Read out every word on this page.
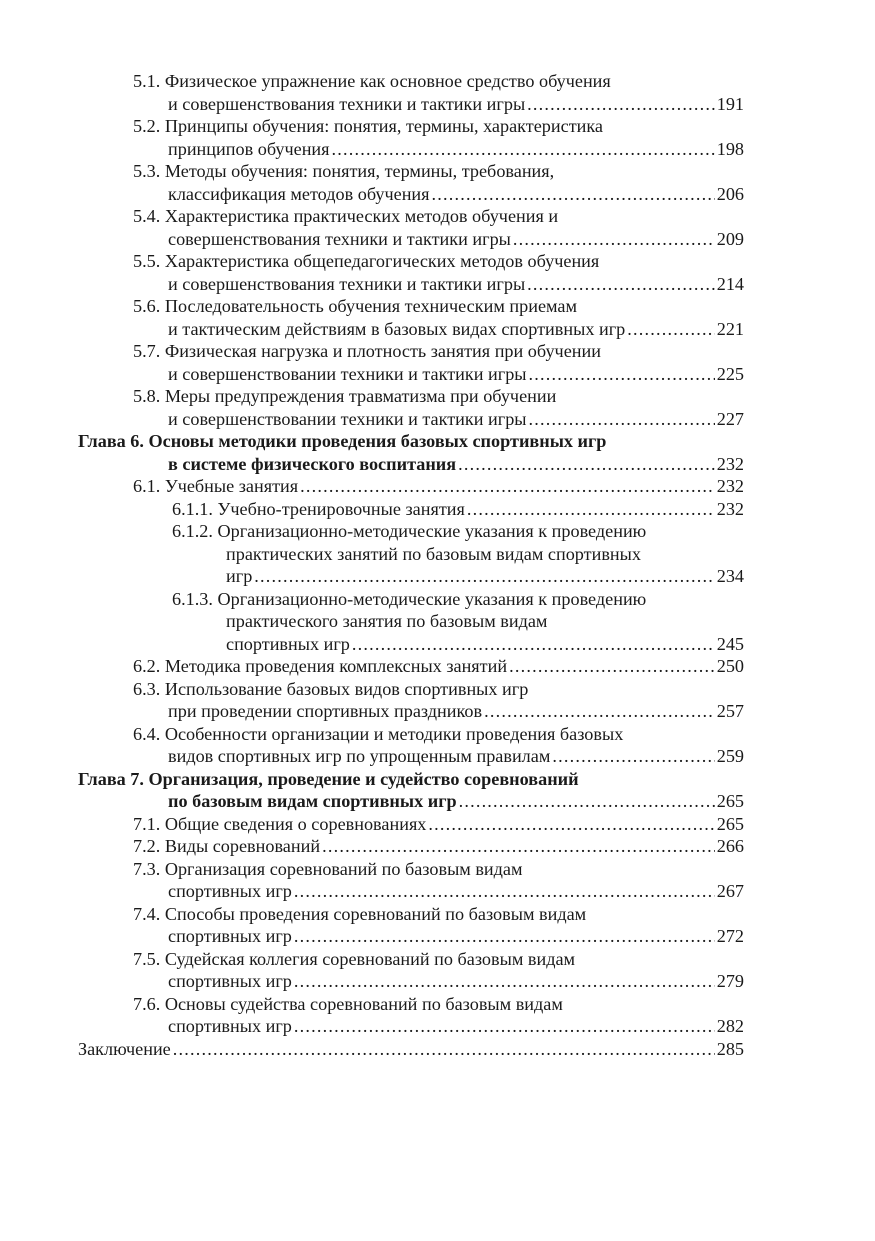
5.1. Физическое упражнение как основное средство обучения
и совершенствования техники и тактики игры .....	191
5.2. Принципы обучения: понятия, термины, характеристика
принципов обучения .....	198
5.3. Методы обучения: понятия, термины, требования,
классификация методов обучения .....	206
5.4. Характеристика практических методов обучения и
совершенствования техники и тактики игры .....	209
5.5. Характеристика общепедагогических методов обучения
и совершенствования техники и тактики игры .....	214
5.6. Последовательность обучения техническим приемам
и тактическим действиям в базовых видах спортивных игр .....	221
5.7. Физическая нагрузка и плотность занятия при обучении
и совершенствовании техники и тактики игры .....	225
5.8. Меры предупреждения травматизма при обучении
и совершенствовании техники и тактики игры .....	227
Глава 6. Основы методики проведения базовых спортивных игр
в системе физического воспитания .....	232
6.1. Учебные занятия .....	232
6.1.1. Учебно-тренировочные занятия .....	232
6.1.2. Организационно-методические указания к проведению
практических занятий по базовым видам спортивных
игр .....	234
6.1.3. Организационно-методические указания к проведению
практического занятия по базовым видам
спортивных игр .....	245
6.2. Методика проведения комплексных занятий .....	250
6.3. Использование базовых видов спортивных игр
при проведении спортивных праздников .....	257
6.4. Особенности организации и методики проведения базовых
видов спортивных игр по упрощенным правилам .....	259
Глава 7. Организация, проведение и судейство соревнований
по базовым видам спортивных игр .....	265
7.1. Общие сведения о соревнованиях .....	265
7.2. Виды соревнований .....	266
7.3. Организация соревнований по базовым видам
спортивных игр .....	267
7.4. Способы проведения соревнований по базовым видам
спортивных игр .....	272
7.5. Судейская коллегия соревнований по базовым видам
спортивных игр .....	279
7.6. Основы судейства соревнований по базовым видам
спортивных игр .....	282
Заключение .....	285
